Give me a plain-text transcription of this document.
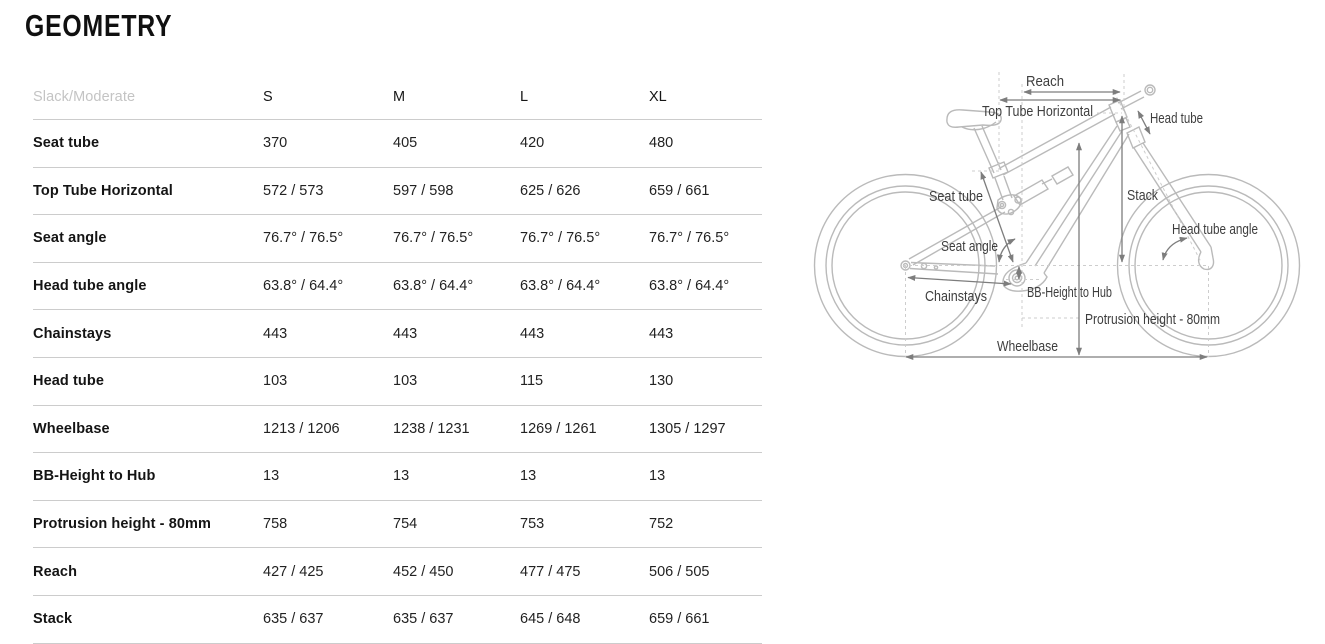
GEOMETRY
Slack/Moderate	S	M	L	XL
Seat tube	370	405	420	480
Top Tube Horizontal	572 / 573	597 / 598	625 / 626	659 / 661
Seat angle	76.7° / 76.5°	76.7° / 76.5°	76.7° / 76.5°	76.7° / 76.5°
Head tube angle	63.8° / 64.4°	63.8° / 64.4°	63.8° / 64.4°	63.8° / 64.4°
Chainstays	443	443	443	443
Head tube	103	103	115	130
Wheelbase	1213 / 1206	1238 / 1231	1269 / 1261	1305 / 1297
BB-Height to Hub	13	13	13	13
Protrusion height - 80mm	758	754	753	752
Reach	427 / 425	452 / 450	477 / 475	506 / 505
Stack	635 / 637	635 / 637	645 / 648	659 / 661
Reach
Top Tube Horizontal	Head tube
Seat tube	Stack
Head tube angle
Seat angle
Chainstays	BB-Height to Hub
Protrusion height - 80mm
Wheelbase
